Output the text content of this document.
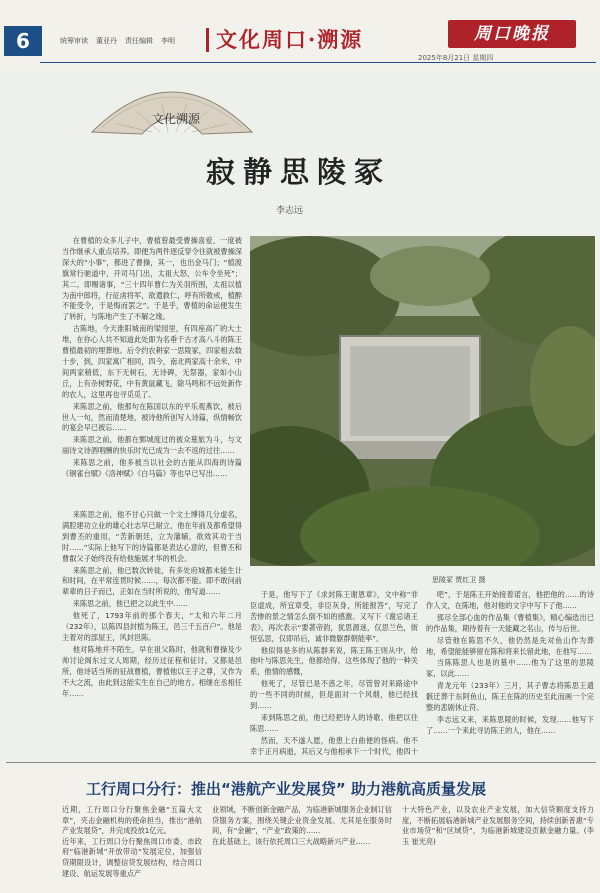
6	统筹审读 董亚丹 责任编辑 李明	文化周口·溯源	周口晚报
2025年8月21日 星期四
文化溯源
寂静思陵冢
李志远
思陵冢 贾红卫 摄

在曹植的众多儿子中，曹植曾最受曹操喜爱，一度被当作继承人重点培养。即便为两件逐反穿令往就被曹操深深大的“小事”，都进了曹操，其一，也出金马门；“植渡旗常行驰道中，开司马门出，太祖大怒，公车令坐死”；其二，即赐诸事，“三十四年曹仁为关羽所围，太祖以植为南中郎将，行征虏将军，欲遣救仁，呼有所敕戒，植醉不能受令，于是悔而罢之”。于是乎，曹植的命运便发生了转折，与陈地产生了不解之缘。

古陈地，今天淮阳城南的梁园里，有四座高广的大土堆，在你心人共不知道此处即为名垂千古才高八斗的陈王曹植最初的埋葬地。后令约农耕家一思陵冢，四家相去数十步，到，四家寓广相同，四今，南北两家高十余米，中间两家稍低，东下无树石，无诗碑，无祭器，家如小山丘，上有杂树野花，中有黄鼠藏飞，除马鸣和不远处新作的农人，这里再也寻觅觅了。

来陈思之前，他那句在陈国以东的平乐观燕饮，被后世人一句，然而清楚地，被诗他所创写入诗篇，纵情畅饮的宴会早已被忘……

来陈思之前，他都在鄄城度过的被众墓旅为斗，与文丽诗文诗酒唱酬的快乐时光已成为一去不返的过往……

来陈思之前，他多被当以社会的古能从四海的诗篇《铜雀台赋》《洛神赋》《白马篇》等也早已写出……

来陈思之前，他不甘心只做一个文士博得几分虚名，满腔建功立业的雄心壮志早已耐立，他在年前及都希望得到曹丕的重用，“苦新朝廷，立为藩辅，欲效其功于当时……”实际上他写下的诗篇都是表达心意的，但曹丕和曹叡父子始终没有给他施展才华的机会。

来陈思之前，他已数次转徙，有多处府城都未能生计和时间，在平常连贯时候……，每次都不能。即不敢问前辈辈的日子而已，正如在当时所说的，他写道……

来陈思之前，他已把之以此生中……

他死了，1793年前的那个春天，“太和六年二月（232年），以陈四县封植为陈王，邑三千五百户”。他是主着对的部屋王，风封邑陈。

他对陈地并不陌生，早在祖父陈时，他就和曹操及少帅讨论阁东过文人周期，经历过征程和征讨，又都是邑所，他诗话当所的征战曹植，曹植他以王子之尊，又作为不大之流，由此到这能实生在自己的地方。相继在丞相任年……

于是，他写下了《求封陈王谢恩章》，文中称“非臣虚成，所宜章受，非臣灰身，所能报答”，写完了苦惨的景之情怎么倒不如的感激。又写下《谢忌诸王表》，再次表示“要著帝韵，犹思源迷，仅思兰色，街恒弘思，仅即吊后，诚非微躯群朝能率”。

他似得是多的从陈群来说，陈王陈王则从中，给他叶与陈思先生，他都给得，这些体现了他的一种关系，他情的感慨，

他死了，尽管已是不惑之年，尽管曾对来路途中的一些不同的时候，但是面对一个风烟，他已经找到……

来到陈思之前，他已经把诗人的诗歌、他把以往陈思……

然而，天不遂人愿，他患上白曲便的怪病。他不幸于正月病逝，其后又与他相承下一个时代，他四十

吧”，于是陈王开始接着诺言，他把他的……的诗作人文，在陈地，他对他的文字中写下了他……

那尽全部心血的作品集《曹植集》，精心编选出已的作品集，期待着有一天能藏之名山，传与后世。

尽管他在陈思不久，他仍然是先对鱼山作为葬地，希望能能够留在陈和将来长留此地，在他写……

当陈陈思人也是的墓中……他为了这里的思陵冢，以此……

青龙元年（233年）三月，其子曹志将陈思王遗骸迁葬于东阿鱼山，陈王在陈的历史至此而画一个完整的悲剧休止符。

李志远又来，来陈思陵的时候，发现……他写下了……一个来此寻访陈王的人，他在……

工行周口分行：推出“港航产业发展贷” 助力港航高质量发展

近期，工行周口分行聚焦金融“五篇大文章”，夹击金融机构的使命担当，推出“港航产业发展贷”，并完成投放1亿元。

近年来，工行周口分行聚焦周口市委、市政府“临港新城”开放带动“发展定位，加强信贷期限设计，调整信贷发展结构，结合周口建设、航运发展等重点产

业领域，不断创新金融产品，为临港新城服务企业制订信贷服务方案，围绕关键企业资金发展。尤其是在服务时间，有“金融”，“产业”政策的……

在此基础上，该行依托周口三大战略新兴产业……

十大特色产业，以及农业产业发展，加大信贷额度支持力度，不断拓展临港新城产业发展服务空间，持续创新普惠“专业市场贷”和“区域贷”，为临港新城建设贡献金融力量。(李玉 崔光亮)
